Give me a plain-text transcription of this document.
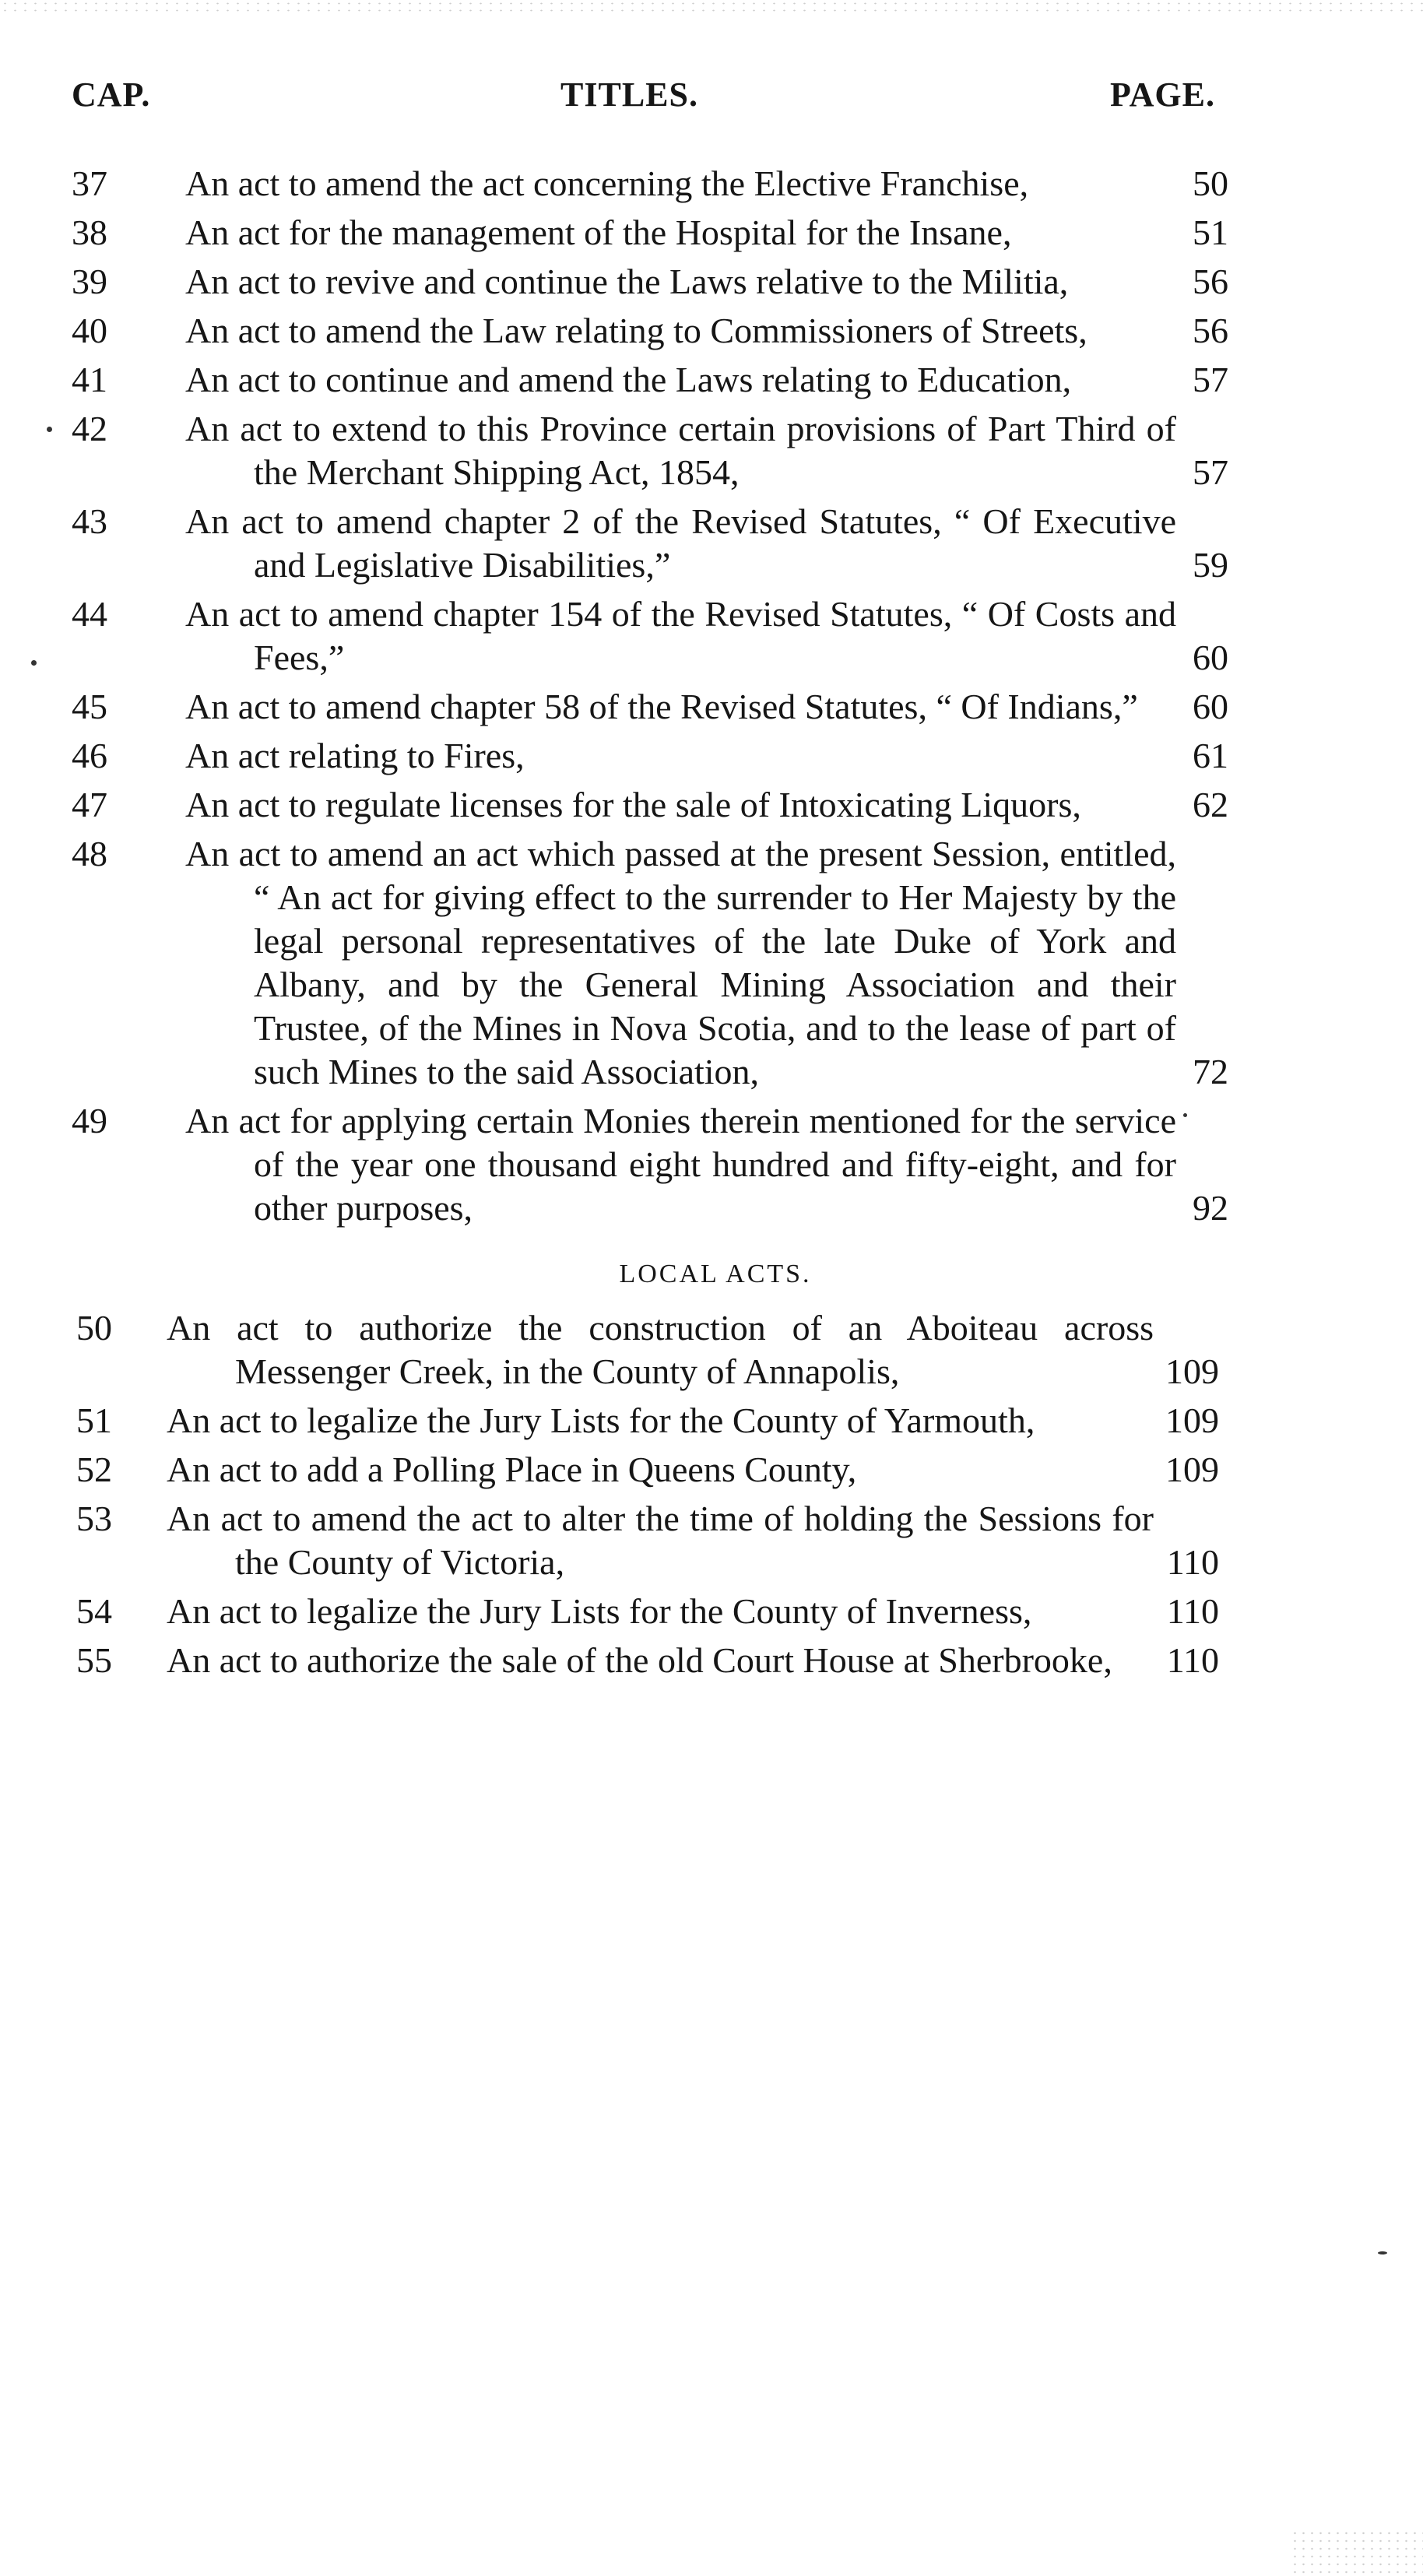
CAP.	TITLES.	PAGE.
37	An act to amend the act concerning the Elective Franchise,	50
38	An act for the management of the Hospital for the Insane,	51
39	An act to revive and continue the Laws relative to the Militia,	56
40	An act to amend the Law relating to Commissioners of Streets,	56
41	An act to continue and amend the Laws relating to Education,	57
42	An act to extend to this Province certain provisions of Part Third of the Merchant Shipping Act, 1854,	57
43	An act to amend chapter 2 of the Revised Statutes, “ Of Executive and Legislative Disabilities,”	59
44	An act to amend chapter 154 of the Revised Statutes, “ Of Costs and Fees,”	60
45	An act to amend chapter 58 of the Revised Statutes, “ Of Indians,”	60
46	An act relating to Fires,	61
47	An act to regulate licenses for the sale of Intoxicating Liquors,	62
48	An act to amend an act which passed at the present Session, entitled, “ An act for giving effect to the surrender to Her Majesty by the legal personal representatives of the late Duke of York and Albany, and by the General Mining Association and their Trustee, of the Mines in Nova Scotia, and to the lease of part of such Mines to the said Association,	72
49	An act for applying certain Monies therein mentioned for the service of the year one thousand eight hundred and fifty-eight, and for other purposes,	92
LOCAL ACTS.
50	An act to authorize the construction of an Aboiteau across Messenger Creek, in the County of Annapolis,	109
51	An act to legalize the Jury Lists for the County of Yarmouth,	109
52	An act to add a Polling Place in Queens County,	109
53	An act to amend the act to alter the time of holding the Sessions for the County of Victoria,	110
54	An act to legalize the Jury Lists for the County of Inverness,	110
55	An act to authorize the sale of the old Court House at Sherbrooke,	110
